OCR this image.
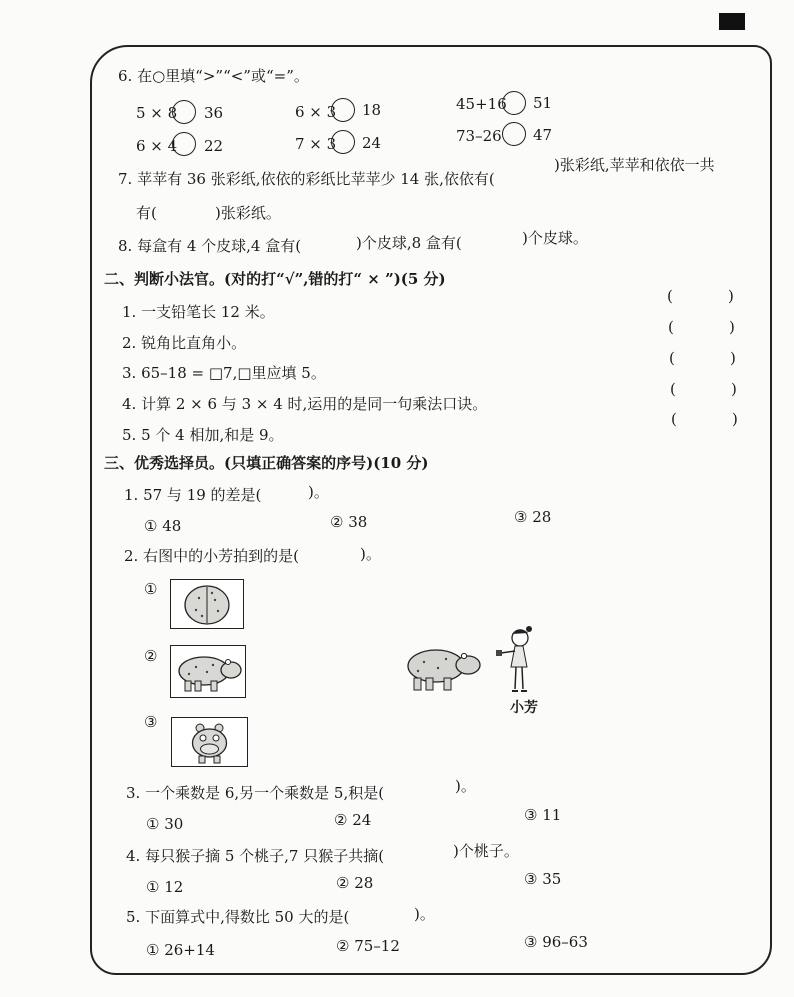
6. 在○里填“>”“<”或“=”。
5 × 8 36	6 × 3 18	45+16 51
6 × 4 22	7 × 3 24	73–26 47
7. 苹苹有 36 张彩纸,依依的彩纸比苹苹少 14 张,依依有(
)张彩纸,苹苹和依依一共
有(	)张彩纸。
8. 每盒有 4 个皮球,4 盒有(	)个皮球,8 盒有(	)个皮球。
二、判断小法官。(对的打“√”,错的打“ × ”)(5 分)
1. 一支铅笔长 12 米。
2. 锐角比直角小。
3. 65–18 = □7,□里应填 5。
4. 计算 2 × 6 与 3 × 4 时,运用的是同一句乘法口诀。
5. 5 个 4 相加,和是 9。
(	)
(	)
(	)
(	)
(	)
三、优秀选择员。(只填正确答案的序号)(10 分)
1. 57 与 19 的差是(	)。
① 48	② 38	③ 28
2. 右图中的小芳拍到的是(	)。
①
②
③
小芳
3. 一个乘数是 6,另一个乘数是 5,积是(	)。
① 30	② 24	③ 11
4. 每只猴子摘 5 个桃子,7 只猴子共摘(	)个桃子。
① 12	② 28	③ 35
5. 下面算式中,得数比 50 大的是(	)。
① 26+14	② 75–12	③ 96–63
